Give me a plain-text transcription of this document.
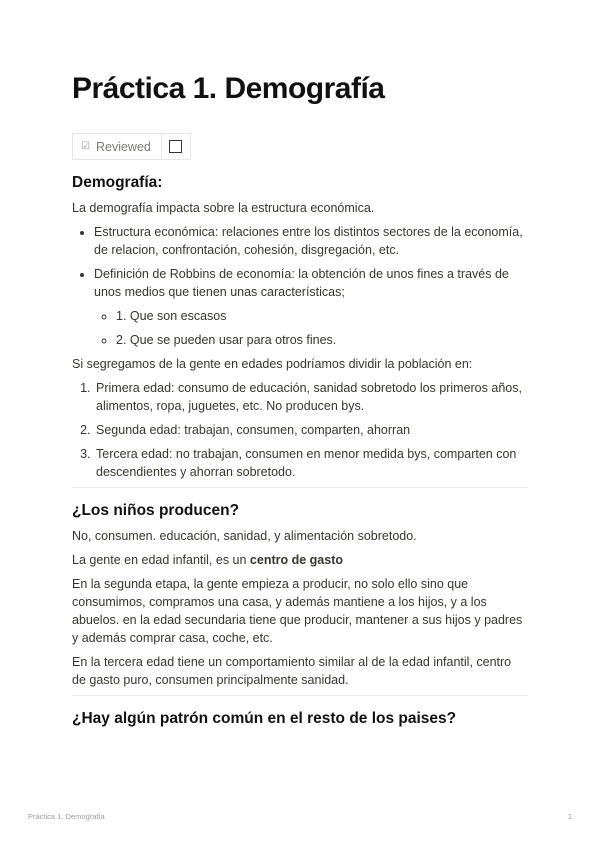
Práctica 1. Demografía
☑ Reviewed
Demografía:

La demografía impacta sobre la estructura económica.

• Estructura económica: relaciones entre los distintos sectores de la economía, de relacion, confrontación, cohesión, disgregación, etc.
• Definición de Robbins de economía: la obtención de unos fines a través de unos medios que tienen unas características;
◦ 1. Que son escasos
◦ 2. Que se pueden usar para otros fines.

Si segregamos de la gente en edades podríamos dividir la población en:

1. Primera edad: consumo de educación, sanidad sobretodo los primeros años, alimentos, ropa, juguetes, etc. No producen bys.
2. Segunda edad: trabajan, consumen, comparten, ahorran
3. Tercera edad: no trabajan, consumen en menor medida bys, comparten con descendientes y ahorran sobretodo.
¿Los niños producen?

No, consumen. educación, sanidad, y alimentación sobretodo.

La gente en edad infantil, es un centro de gasto

En la segunda etapa, la gente empieza a producir, no solo ello sino que consumimos, compramos una casa, y además mantiene a los hijos, y a los abuelos. en la edad secundaria tiene que producir, mantener a sus hijos y padres y además comprar casa, coche, etc.

En la tercera edad tiene un comportamiento similar al de la edad infantil, centro de gasto puro, consumen principalmente sanidad.

¿Hay algún patrón común en el resto de los paises?
Práctica 1. Demografía	1
